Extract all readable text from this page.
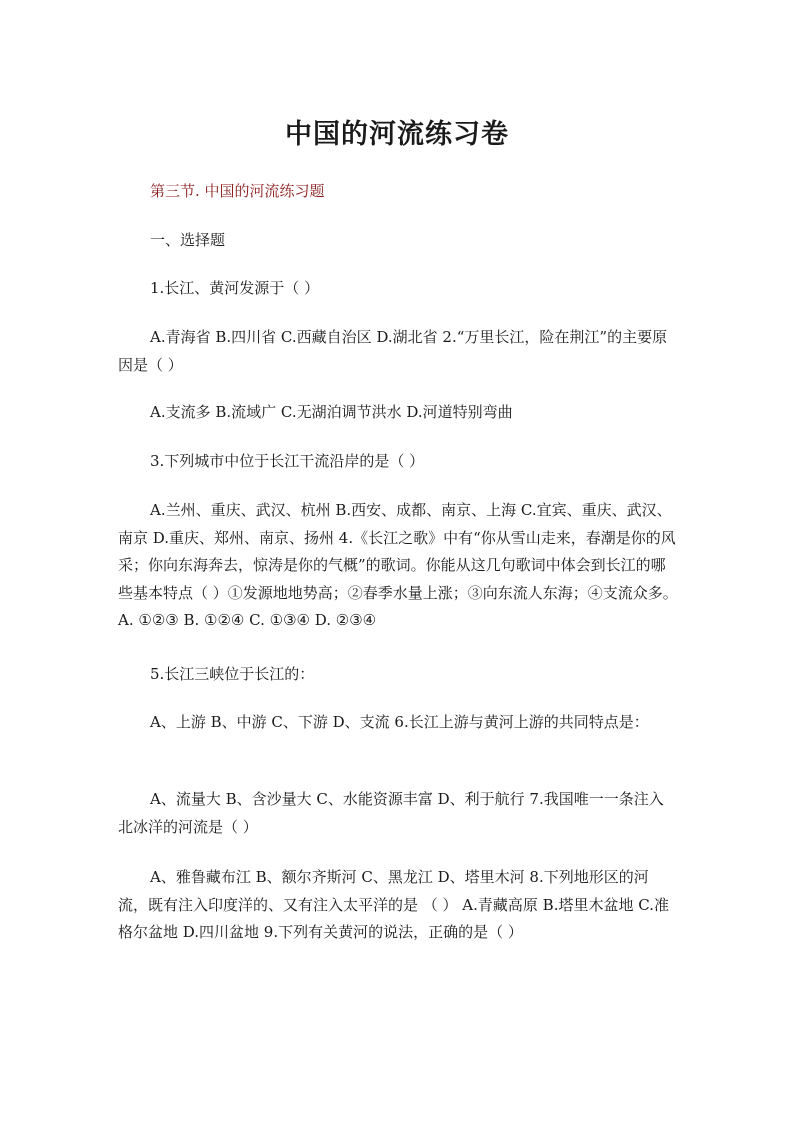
中国的河流练习卷

第三节. 中国的河流练习题

一、选择题

1.长江、黄河发源于（ ）

A.青海省 B.四川省 C.西藏自治区 D.湖北省 2.“万里长江，险在荆江”的主要原因是（ ）

A.支流多 B.流域广 C.无湖泊调节洪水 D.河道特别弯曲

3.下列城市中位于长江干流沿岸的是（ ）

A.兰州、重庆、武汉、杭州 B.西安、成都、南京、上海 C.宜宾、重庆、武汉、南京 D.重庆、郑州、南京、扬州 4.《长江之歌》中有“你从雪山走来，春潮是你的风采；你向东海奔去，惊涛是你的气概”的歌词。你能从这几句歌词中体会到长江的哪些基本特点（ ）①发源地地势高；②春季水量上涨；③向东流人东海；④支流众多。 A. ①②③ B. ①②④ C. ①③④ D. ②③④

5.长江三峡位于长江的：

A、上游 B、中游 C、下游 D、支流 6.长江上游与黄河上游的共同特点是：

A、流量大 B、含沙量大 C、水能资源丰富 D、利于航行 7.我国唯一一条注入北冰洋的河流是（ ）

A、雅鲁藏布江 B、额尔齐斯河 C、黑龙江 D、塔里木河 8.下列地形区的河流，既有注入印度洋的、又有注入太平洋的是 （ ） A.青藏高原 B.塔里木盆地 C.准格尔盆地 D.四川盆地 9.下列有关黄河的说法，正确的是（ ）
